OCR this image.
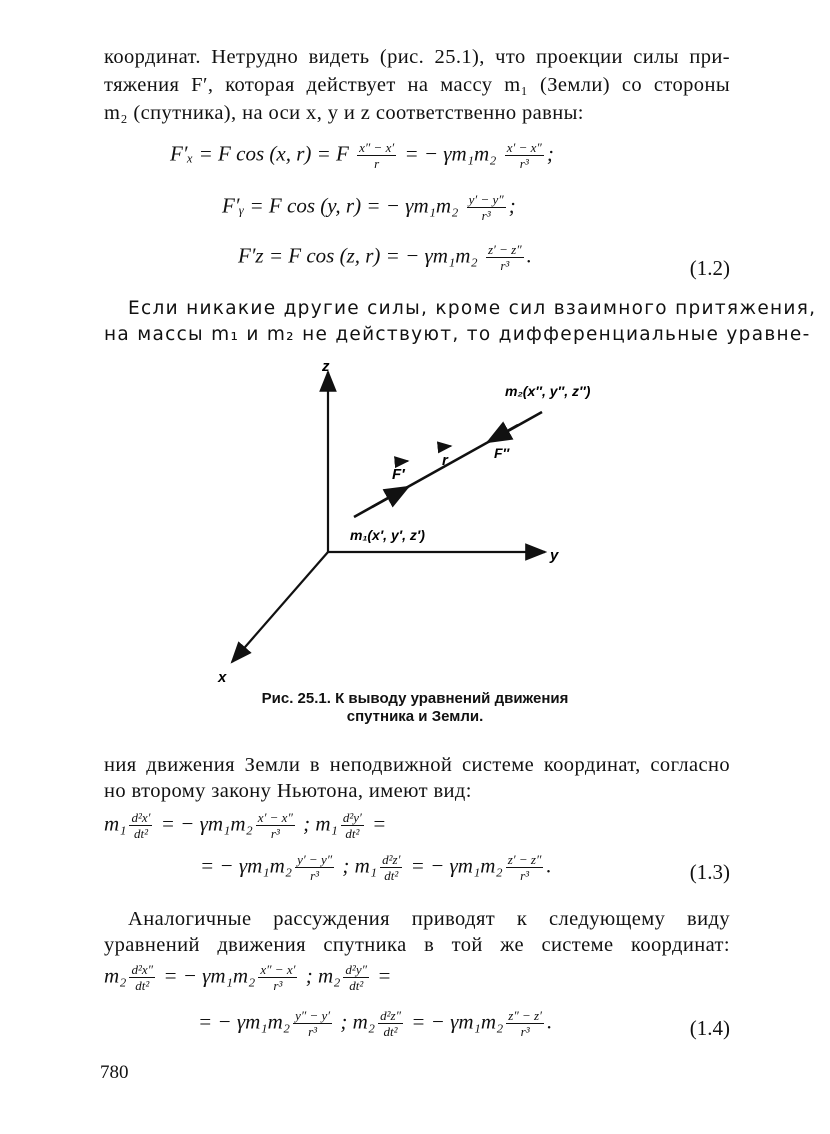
координат. Нетрудно видеть (рис. 25.1), что проекции силы при-
тяжения F′, которая действует на массу m₁ (Земли) со стороны
m₂ (спутника), на оси x, y и z соответственно равны:
F′ₓ = F cos (x, r) = F $\frac{x'' - x'}{r}$ = − $\gamma m_1m_2 \frac{x' - x''}{\text{r³}}$ ;
F′ᵧ = F cos (y, r) = − $\gamma m_1m_2 \frac{y' - y''}{\text{r³}}$ ;
F′z = F cos (z, r) = − $\gamma m_1m_2 \frac{z' - z''}{\text{r³}}$ .
(1.2)
Если никакие другие силы, кроме сил взаимного притяжения,
на массы m₁ и m₂ не действуют, то дифференциальные уравне-
z
y
x
m₂(x″, y″, z″)
m₁(x′, y′, z′)
F′
r	F″
Рис. 25.1. К выводу уравнений движения
спутника и Земли.
ния движения Земли в неподвижной системе координат, согласно
но второму закону Ньютона, имеют вид:
$m_1 \frac{\text{d²x′}}{\text{dt²}}$ = − $\gamma m_1m_2 \frac{x' - x''}{\text{r³}}$ ; $m_1 \frac{\text{d²y′}}{\text{dt²}}$ =
= − $\gamma m_1m_2 \frac{y' - y''}{\text{r³}}$ ; $m_1 \frac{\text{d²z′}}{\text{dt²}}$ = − $\gamma m_1m_2 \frac{z' - z''}{\text{r³}}$ .	(1.3)
Аналогичные рассуждения приводят к следующему виду
уравнений движения спутника в той же системе координат:
$m_2 \frac{\text{d²x″}}{\text{dt²}}$ = − $\gamma m_1m_2 \frac{x'' - x'}{\text{r³}}$ ; $m_2 \frac{\text{d²y″}}{\text{dt²}}$ =
= − $\gamma m_1m_2 \frac{y'' - y'}{\text{r³}}$ ; $m_2 \frac{\text{d²z″}}{\text{dt²}}$ = − $\gamma m_1m_2 \frac{z'' - z'}{\text{r³}}$ .	(1.4)
780
